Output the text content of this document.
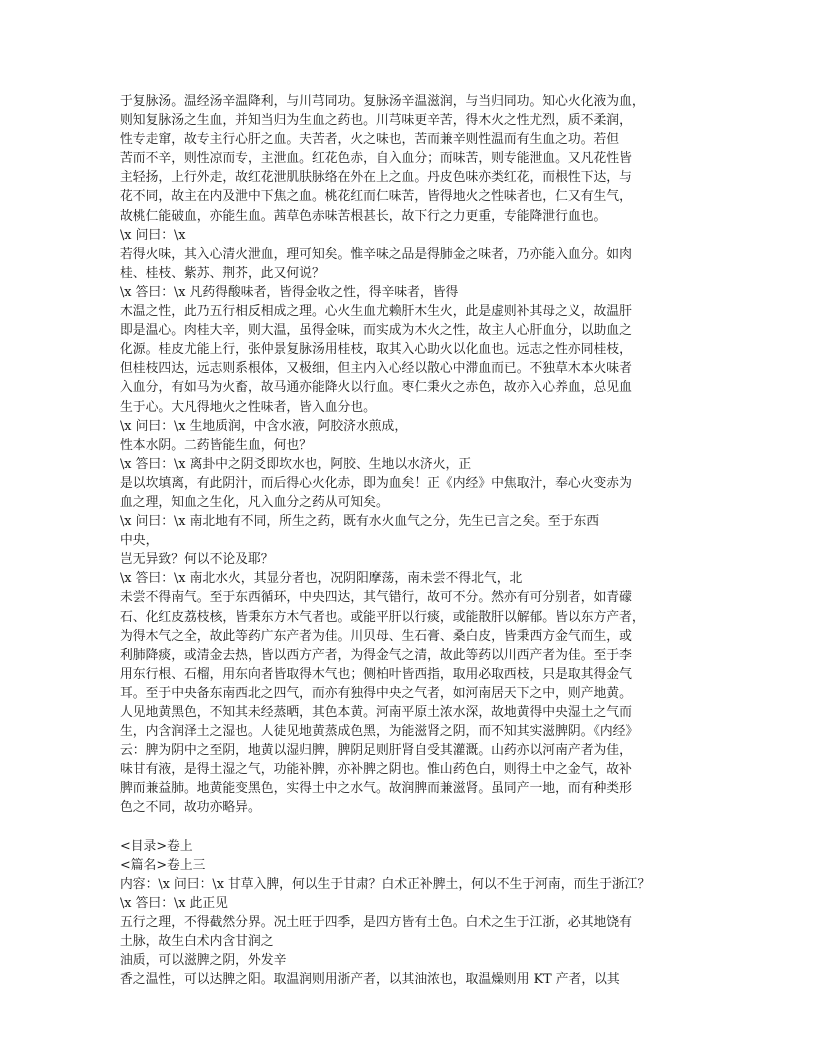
于复脉汤。温经汤辛温降利，与川芎同功。复脉汤辛温滋润，与当归同功。知心火化液为血，
则知复脉汤之生血，并知当归为生血之药也。川芎味更辛苦，得木火之性尤烈，质不柔润，
性专走窜，故专主行心肝之血。夫苦者，火之味也，苦而兼辛则性温而有生血之功。若但
苦而不辛，则性凉而专，主泄血。红花色赤，自入血分；而味苦，则专能泄血。又凡花性皆
主轻扬，上行外走，故红花泄肌肤脉络在外在上之血。丹皮色味亦类红花，而根性下达，与
花不同，故主在内及泄中下焦之血。桃花红而仁味苦，皆得地火之性味者也，仁又有生气，
故桃仁能破血，亦能生血。茜草色赤味苦根甚长，故下行之力更重，专能降泄行血也。
\x 问曰：\x
若得火味，其入心清火泄血，理可知矣。惟辛味之品是得肺金之味者，乃亦能入血分。如肉
桂、桂枝、紫苏、荆芥，此又何说？
\x 答曰：\x 凡药得酸味者，皆得金收之性，得辛味者，皆得
木温之性，此乃五行相反相成之理。心火生血尤赖肝木生火，此是虚则补其母之义，故温肝
即是温心。肉桂大辛，则大温，虽得金味，而实成为木火之性，故主人心肝血分，以助血之
化源。桂皮尤能上行，张仲景复脉汤用桂枝，取其入心助火以化血也。远志之性亦同桂枝，
但桂枝四达，远志则系根体，又极细，但主内入心经以散心中滞血而已。不独草木本火味者
入血分，有如马为火畜，故马通亦能降火以行血。枣仁秉火之赤色，故亦入心养血，总见血
生于心。大凡得地火之性味者，皆入血分也。
\x 问曰：\x 生地质润，中含水液，阿胶济水煎成，
性本水阴。二药皆能生血，何也？
\x 答曰：\x 离卦中之阴爻即坎水也，阿胶、生地以水济火，正
是以坎填离，有此阴汁，而后得心火化赤，即为血矣！正《内经》中焦取汁，奉心火变赤为
血之理，知血之生化，凡入血分之药从可知矣。
\x 问曰：\x 南北地有不同，所生之药，既有水火血气之分，先生已言之矣。至于东西
中央，
岂无异致？何以不论及耶？
\x 答曰：\x 南北水火，其显分者也，况阴阳摩荡，南未尝不得北气，北
未尝不得南气。至于东西循环，中央四达，其气错行，故可不分。然亦有可分别者，如青礞
石、化红皮荔枝核，皆秉东方木气者也。或能平肝以行痰，或能散肝以解郁。皆以东方产者，
为得木气之全，故此等药广东产者为佳。川贝母、生石膏、桑白皮，皆秉西方金气而生，或
利肺降痰，或清金去热，皆以西方产者，为得金气之清，故此等药以川西产者为佳。至于李
用东行根、石榴，用东向者皆取得木气也；侧柏叶皆西指，取用必取西枝，只是取其得金气
耳。至于中央备东南西北之四气，而亦有独得中央之气者，如河南居天下之中，则产地黄。
人见地黄黑色，不知其未经蒸晒，其色本黄。河南平原土浓水深，故地黄得中央湿土之气而
生，内含润泽土之湿也。人徒见地黄蒸成色黑，为能滋肾之阴，而不知其实滋脾阴。《内经》
云：脾为阴中之至阴，地黄以湿归脾，脾阴足则肝肾自受其灌溉。山药亦以河南产者为佳，
味甘有液，是得土湿之气，功能补脾，亦补脾之阴也。惟山药色白，则得土中之金气，故补
脾而兼益肺。地黄能变黑色，实得土中之水气。故润脾而兼滋肾。虽同产一地，而有种类形
色之不同，故功亦略异。
<目录>卷上
<篇名>卷上三
内容：\x 问曰：\x 甘草入脾，何以生于甘肃？白术正补脾土，何以不生于河南，而生于浙江？
\x 答曰：\x 此正见
五行之理，不得截然分界。况土旺于四季，是四方皆有土色。白术之生于江浙，必其地饶有
土脉，故生白术内含甘润之
油质，可以滋脾之阴，外发辛
香之温性，可以达脾之阳。取温润则用浙产者，以其油浓也，取温燥则用 KT 产者，以其
